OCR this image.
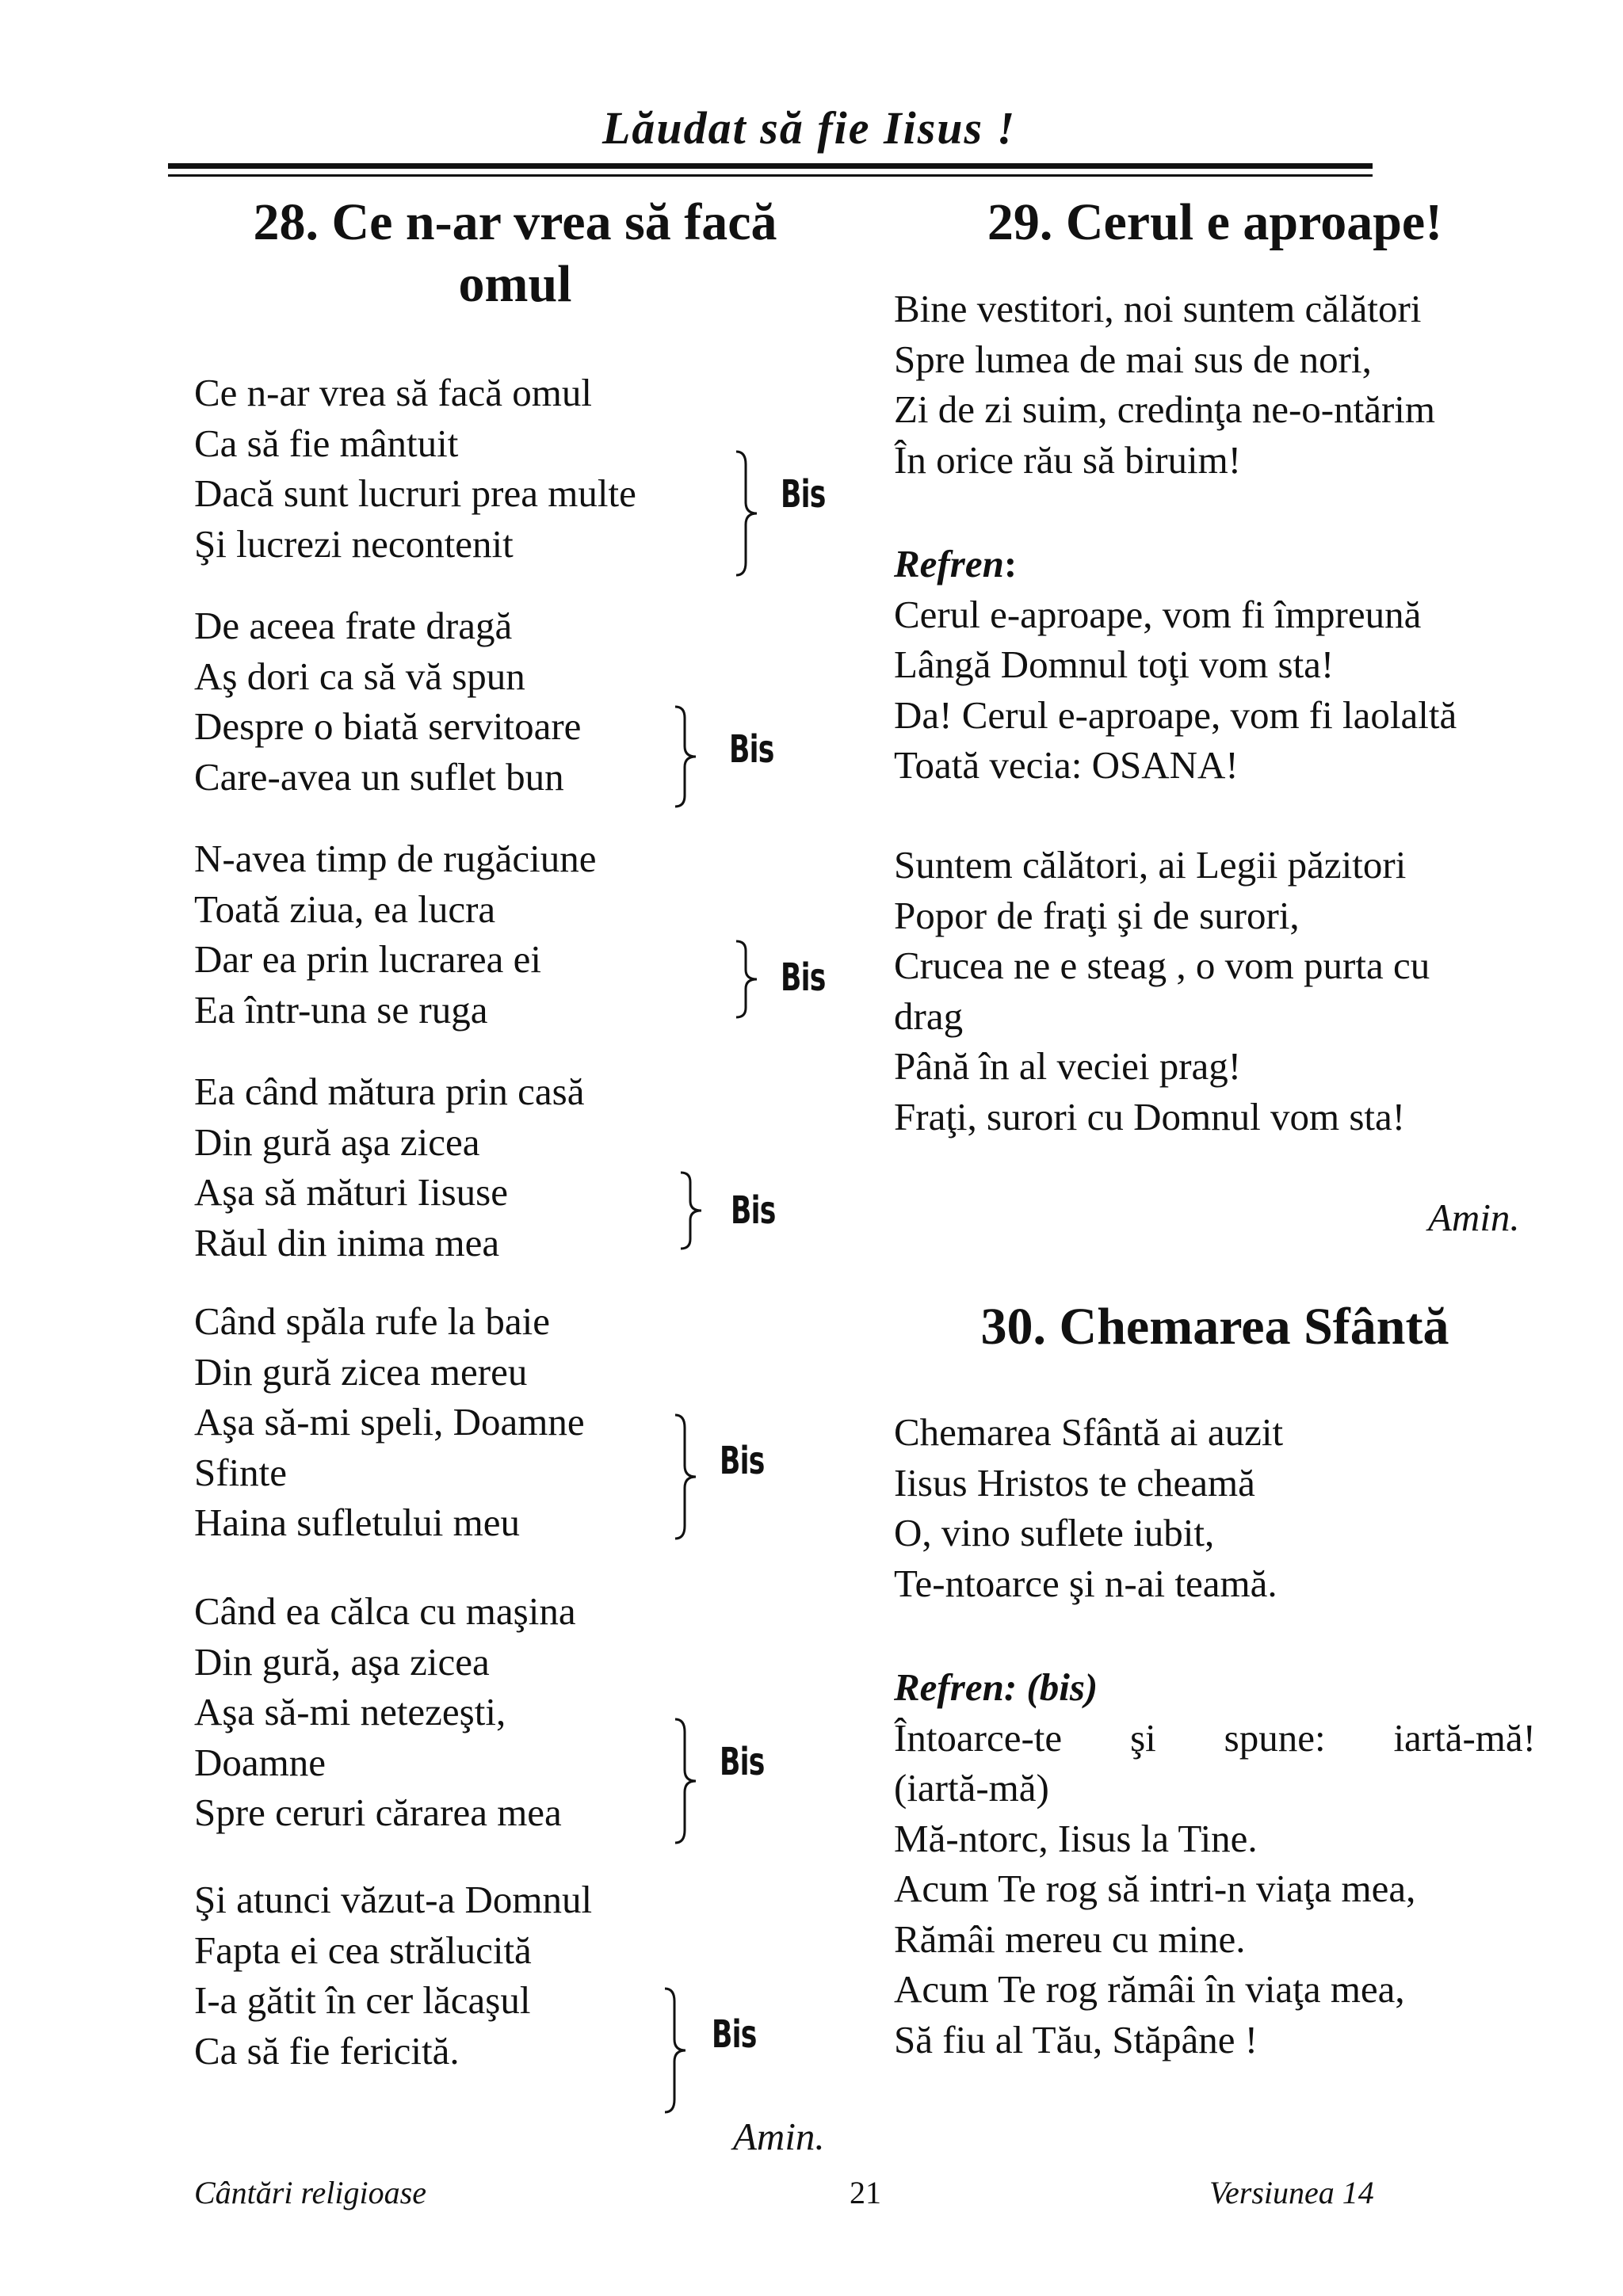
Lăudat să fie Iisus !
28. Ce n-ar vrea să facă
omul
Ce n-ar vrea să facă omul
Ca să fie mântuit
Dacă sunt lucruri prea multe
Şi lucrezi necontenit
Bis
De aceea frate dragă
Aş dori ca să vă spun
Despre o biată servitoare
Care-avea un suflet bun
Bis
N-avea timp de rugăciune
Toată ziua, ea lucra
Dar ea prin lucrarea ei
Ea într-una se ruga
Bis
Ea când mătura prin casă
Din gură aşa zicea
Aşa să mături Iisuse
Răul din inima mea
Bis
Când spăla rufe la baie
Din gură zicea mereu
Aşa să-mi speli, Doamne
Sfinte
Haina sufletului meu
Bis
Când ea călca cu maşina
Din gură, aşa zicea
Aşa să-mi netezeşti,
Doamne
Spre ceruri cărarea mea
Bis
Şi atunci văzut-a Domnul
Fapta ei cea strălucită
I-a gătit în cer lăcaşul
Ca să fie fericită.	Bis
Amin.
29. Cerul e aproape!
Bine vestitori, noi suntem călători
Spre lumea de mai sus de nori,
Zi de zi suim, credinţa ne-o-ntărim
În orice rău să biruim!
Refren:
Cerul e-aproape, vom fi împreună
Lângă Domnul toţi vom sta!
Da! Cerul e-aproape, vom fi laolaltă
Toată vecia: OSANA!
Suntem călători, ai Legii păzitori
Popor de fraţi şi de surori,
Crucea ne e steag , o vom purta cu
drag
Până în al veciei prag!
Fraţi, surori cu Domnul vom sta!
Amin.
30. Chemarea Sfântă
Chemarea Sfântă ai auzit
Iisus Hristos te cheamă
O, vino suflete iubit,
Te-ntoarce şi n-ai teamă.
Refren: (bis)
Întoarce-te şi spune: iartă-mă!
(iartă-mă)
Mă-ntorc, Iisus la Tine.
Acum Te rog să intri-n viaţa mea,
Rămâi mereu cu mine.
Acum Te rog rămâi în viaţa mea,
Să fiu al Tău, Stăpâne !
Cântări religioase	21	Versiunea 14
